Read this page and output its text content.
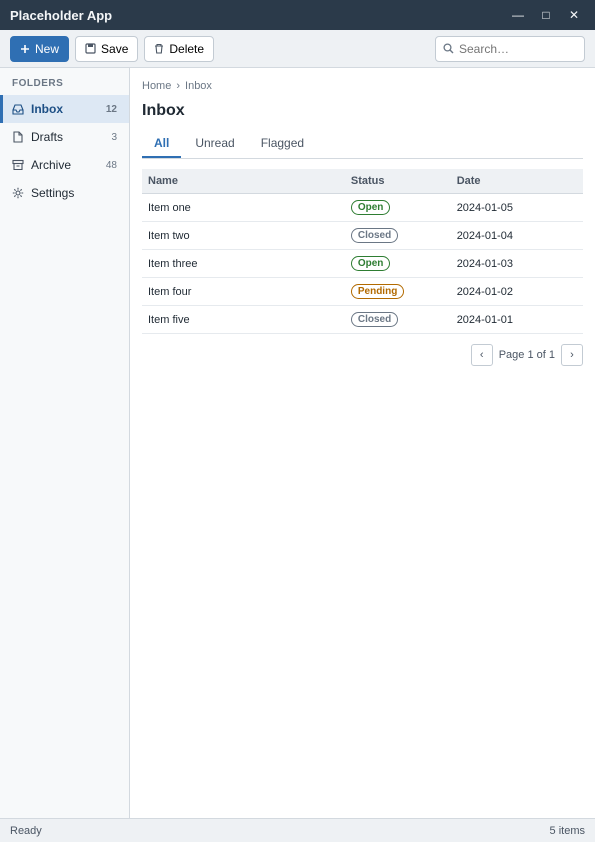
Placeholder App	—	□	✕
New	Save	Delete
Search…
FOLDERS
Inbox	12
Drafts	3
Archive	48
Settings
Home › Inbox
Inbox
All	Unread	Flagged
Name	Status	Date
Item one	Open	2024-01-05
Item two	Closed	2024-01-04
Item three	Open	2024-01-03
Item four	Pending	2024-01-02
Item five	Closed	2024-01-01
‹	Page 1 of 1	›
Ready	5 items
